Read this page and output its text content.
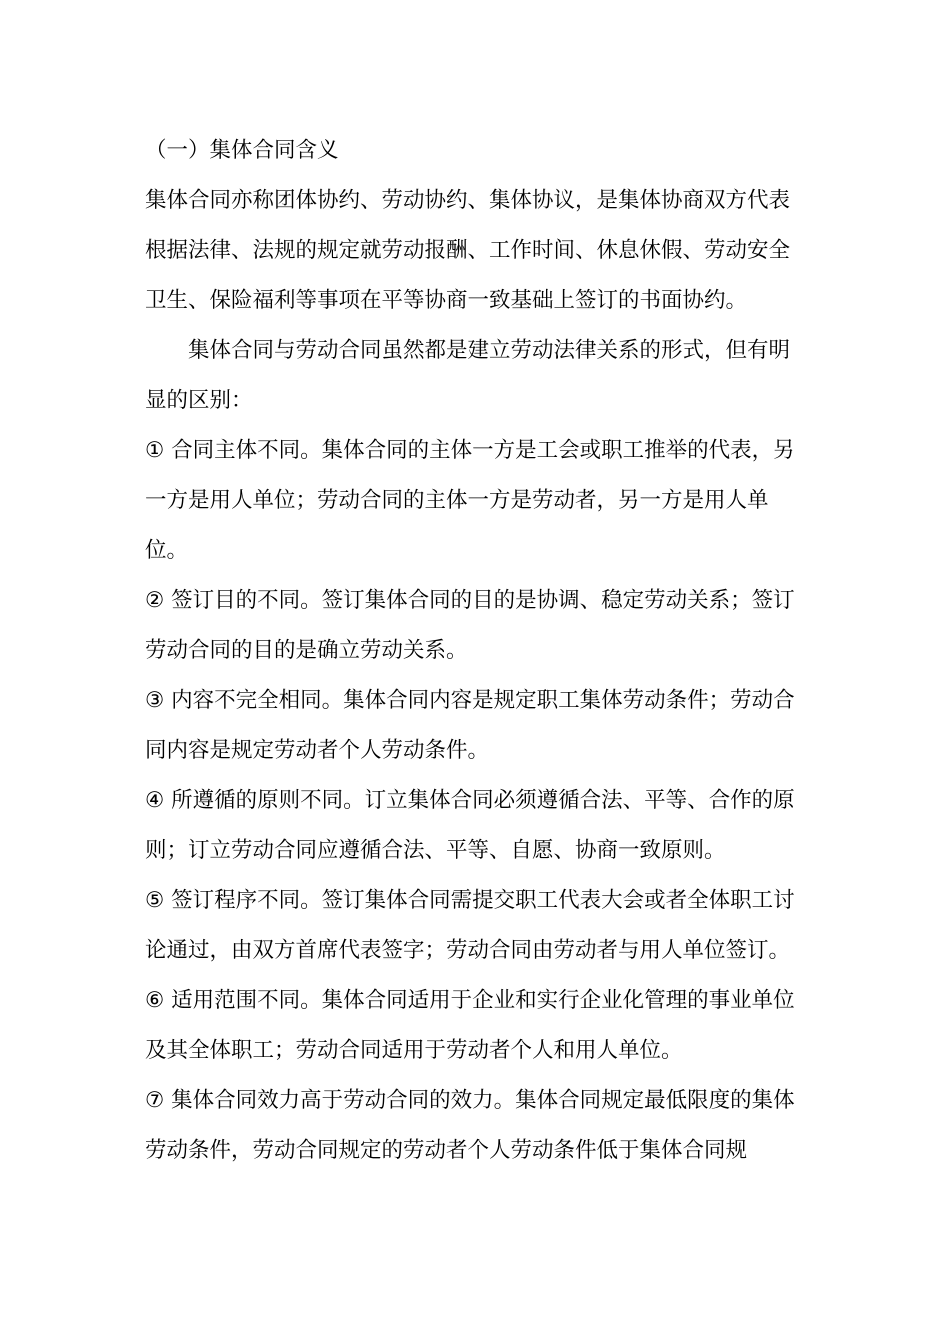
（一）集体合同含义

集体合同亦称团体协约、劳动协约、集体协议，是集体协商双方代表根据法律、法规的规定就劳动报酬、工作时间、休息休假、劳动安全卫生、保险福利等事项在平等协商一致基础上签订的书面协约。

集体合同与劳动合同虽然都是建立劳动法律关系的形式，但有明显的区别：

① 合同主体不同。集体合同的主体一方是工会或职工推举的代表，另一方是用人单位；劳动合同的主体一方是劳动者，另一方是用人单位。

② 签订目的不同。签订集体合同的目的是协调、稳定劳动关系；签订劳动合同的目的是确立劳动关系。

③ 内容不完全相同。集体合同内容是规定职工集体劳动条件；劳动合同内容是规定劳动者个人劳动条件。

④ 所遵循的原则不同。订立集体合同必须遵循合法、平等、合作的原则；订立劳动合同应遵循合法、平等、自愿、协商一致原则。

⑤ 签订程序不同。签订集体合同需提交职工代表大会或者全体职工讨论通过，由双方首席代表签字；劳动合同由劳动者与用人单位签订。

⑥ 适用范围不同。集体合同适用于企业和实行企业化管理的事业单位及其全体职工；劳动合同适用于劳动者个人和用人单位。

⑦ 集体合同效力高于劳动合同的效力。集体合同规定最低限度的集体劳动条件，劳动合同规定的劳动者个人劳动条件低于集体合同规
